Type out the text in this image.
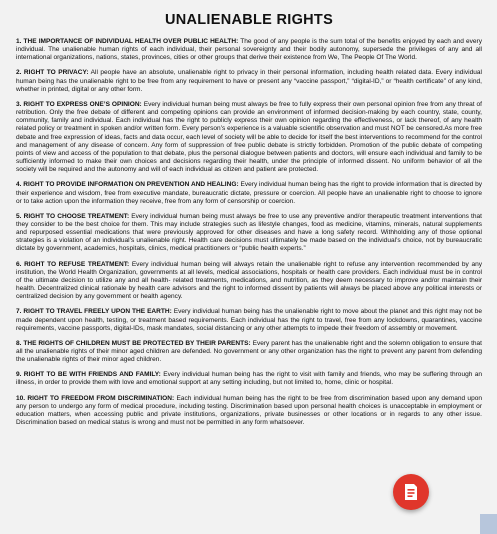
UNALIENABLE RIGHTS
1. THE IMPORTANCE OF INDIVIDUAL HEALTH OVER PUBLIC HEALTH: The good of any people is the sum total of the benefits enjoyed by each and every individual. The unalienable human rights of each individual, their personal sovereignty and their bodily autonomy, supersede the privileges of any and all international organizations, nations, states, provinces, cities or other groups that derive their existence from We, The People Of The World.
2. RIGHT TO PRIVACY: All people have an absolute, unalienable right to privacy in their personal information, including health related data. Every individual human being has the unalienable right to be free from any requirement to have or present any “vaccine passport,” “digital-ID,” or “health certificate” of any kind, whether in printed, digital or any other form.
3. RIGHT TO EXPRESS ONE’S OPINION: Every individual human being must always be free to fully express their own personal opinion free from any threat of retribution. Only the free debate of different and competing opinions can provide an environment of informed decision-making by each country, state, county, community, family and individual. Each individual has the right to publicly express their own opinion regarding the effectiveness, or lack thereof, of any health related policy or treatment in spoken and/or written form. Every person’s experience is a valuable scientific observation and must NOT be censored.As more free debate and free expression of ideas, facts and data occur, each level of society will be able to decide for itself the best interventions to recommend for the control and management of any disease of concern. Any form of suppression of free public debate is strictly forbidden. Promotion of the public debate of competing points of view and access of the population to that debate, plus the personal dialogue between patients and doctors, will ensure each individual and family to be sufficiently informed to make their own choices and decisions regarding their health, under the principle of informed dissent. No uniform behavior of all the society will be required and the autonomy and will of each individual as citizen and patient are protected.
4. RIGHT TO PROVIDE INFORMATION ON PREVENTION AND HEALING: Every individual human being has the right to provide information that is directed by their experience and wisdom, free from executive mandate, bureaucratic dictate, pressure or coercion. All people have an unalienable right to choose to ignore or to take action upon the information they receive, free from any form of censorship or coercion.
5. RIGHT TO CHOOSE TREATMENT: Every individual human being must always be free to use any preventive and/or therapeutic treatment interventions that they consider to be the best choice for them. This may include strategies such as lifestyle changes, food as medicine, vitamins, minerals, natural supplements and repurposed essential medications that were previously approved for other diseases and have a long safety record. Withholding any of those optional strategies is a violation of an individual’s unalienable right. Health care decisions must ultimately be made based on the individual’s choice, not by bureaucratic dictate by government, academics, hospitals, clinics, medical practitioners or “public health experts.”
6. RIGHT TO REFUSE TREATMENT: Every individual human being will always retain the unalienable right to refuse any intervention recommended by any institution, the World Health Organization, governments at all levels, medical associations, hospitals or health care providers. Each individual must be in control of the ultimate decision to utilize any and all health- related treatments, medications, and nutrition, as they deem necessary to improve and/or maintain their health. Decentralized clinical rationale by health care advisors and the right to informed dissent by patients will always be placed above any political interests or centralized decision by any government or health agency.
7. RIGHT TO TRAVEL FREELY UPON THE EARTH: Every individual human being has the unalienable right to move about the planet and this right may not be made dependent upon health, testing, or treatment based requirements. Each individual has the right to travel, free from any lockdowns, quarantines, vaccine requirements, vaccine passports, digital-IDs, mask mandates, social distancing or any other attempts to impede their freedom of assembly or movement.
8. THE RIGHTS OF CHILDREN MUST BE PROTECTED BY THEIR PARENTS: Every parent has the unalienable right and the solemn obligation to ensure that all the unalienable rights of their minor aged children are defended. No government or any other organization has the right to prevent any parent from defending the unalienable rights of their minor aged children.
9. RIGHT TO BE WITH FRIENDS AND FAMILY: Every individual human being has the right to visit with family and friends, who may be suffering through an illness, in order to provide them with love and emotional support at any setting including, but not limited to, home, clinic or hospital.
10. RIGHT TO FREEDOM FROM DISCRIMINATION: Each individual human being has the right to be free from discrimination based upon any demand upon any person to undergo any form of medical procedure, including testing. Discrimination based upon personal health choices is unacceptable in employment or education matters, when accessing public and private institutions, organizations, private businesses or other locations or in regards to any other issue. Discrimination based on medical status is wrong and must not be permitted in any form whatsoever.
